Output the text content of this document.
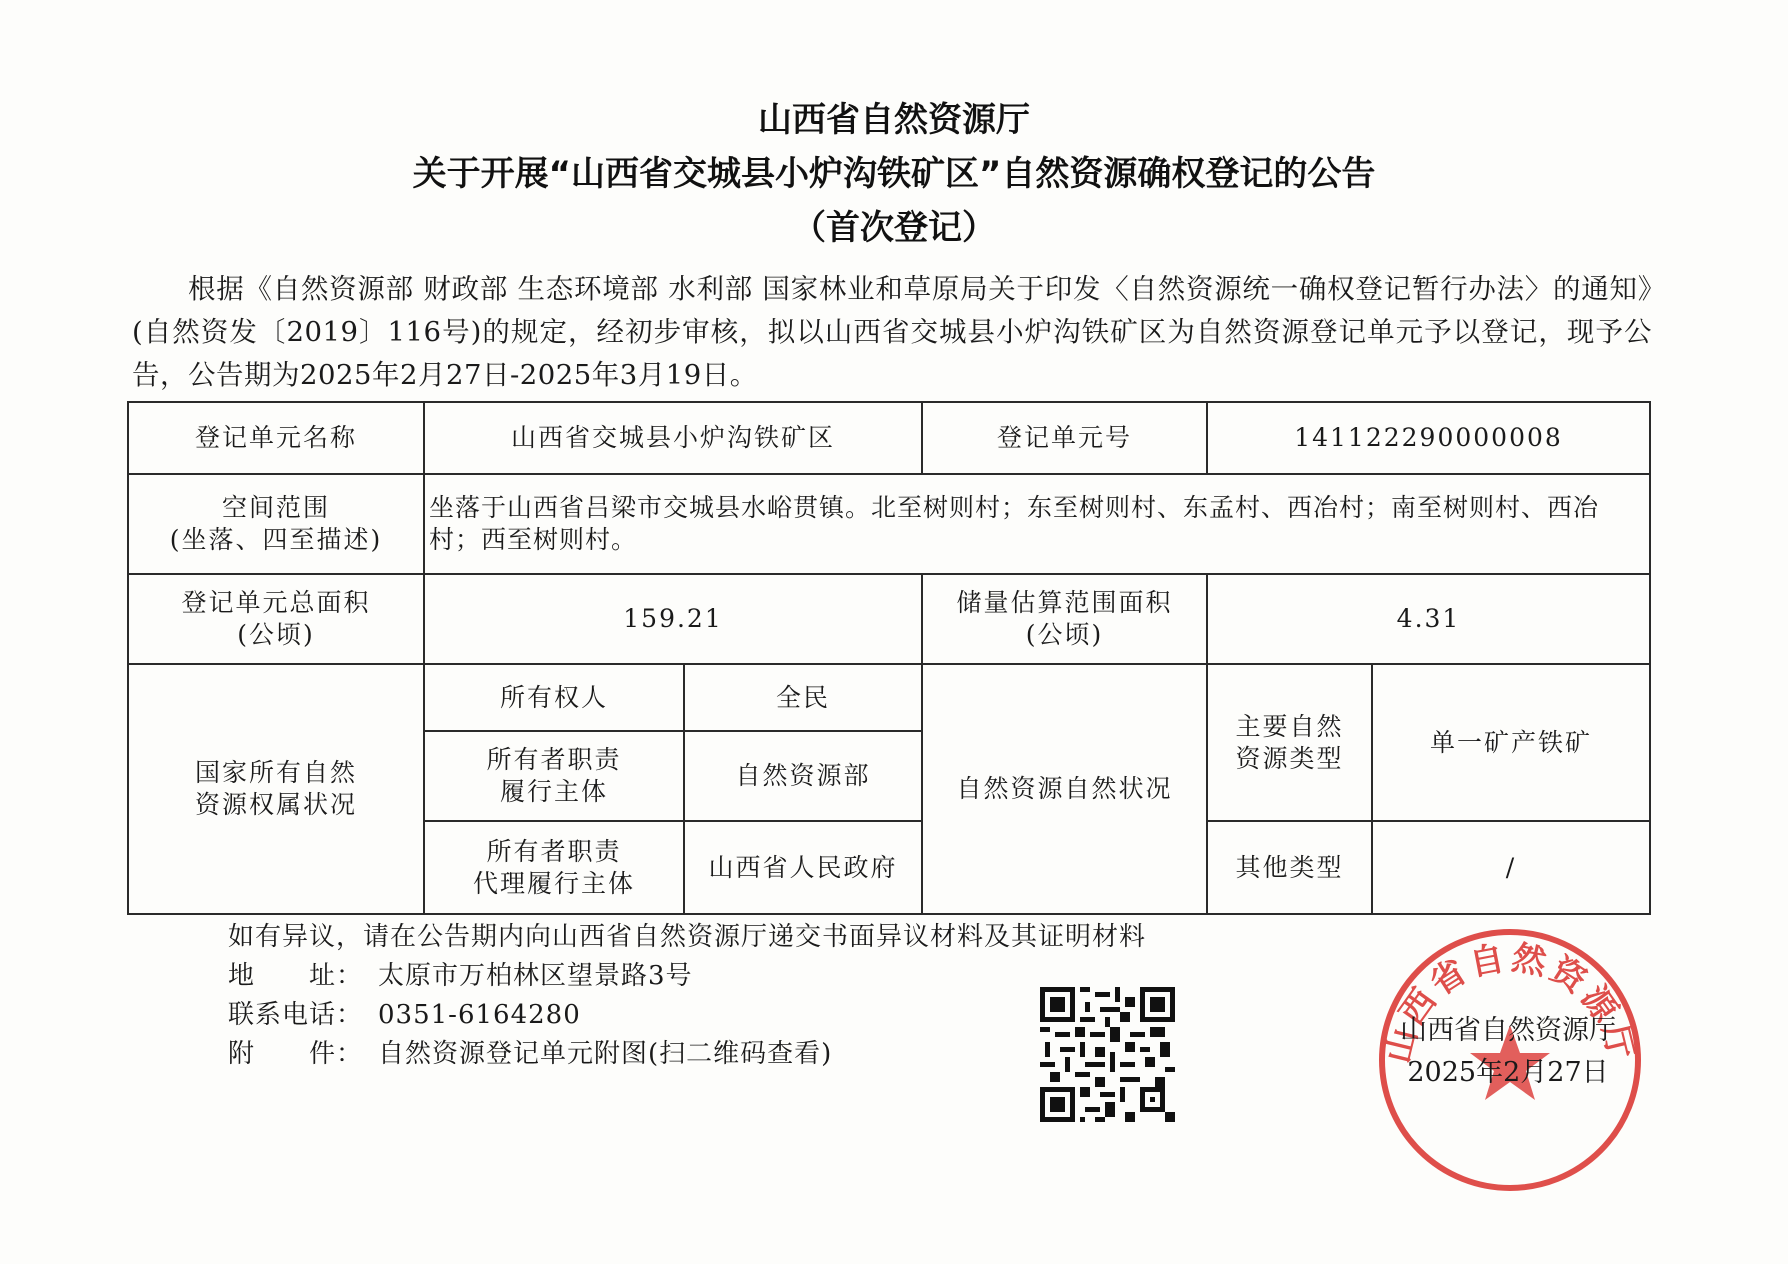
山西省自然资源厅
关于开展“山西省交城县小炉沟铁矿区”自然资源确权登记的公告
（首次登记）
根据《自然资源部 财政部 生态环境部 水利部 国家林业和草原局关于印发〈自然资源统一确权登记暂行办法〉的通知》(自然资发〔2019〕116号)的规定，经初步审核，拟以山西省交城县小炉沟铁矿区为自然资源登记单元予以登记，现予公告，公告期为2025年2月27日-2025年3月19日。
登记单元名称	山西省交城县小炉沟铁矿区		登记单元号	141122290000008	

空间范围
(坐落、四至描述)	坐落于山西省吕梁市交城县水峪贯镇。北至树则村；东至树则村、东孟村、西冶村；南至树则村、西冶村；西至树则村。				

登记单元总面积
(公顷)	159.21		储量估算范围面积
(公顷)	4.31	

国家所有自然
资源权属状况	所有权人	全民	自然资源自然状况	主要自然
资源类型	单一矿产铁矿

	所有者职责
履行主体	自然资源部			

	所有者职责
代理履行主体	山西省人民政府		其他类型	/
如有异议，请在公告期内向山西省自然资源厅递交书面异议材料及其证明材料
地　　址： 太原市万柏林区望景路3号
联系电话： 0351-6164280
附　　件： 自然资源登记单元附图(扫二维码查看)	山西省自然资源厅
山西省自然资源厅
2025年2月27日
